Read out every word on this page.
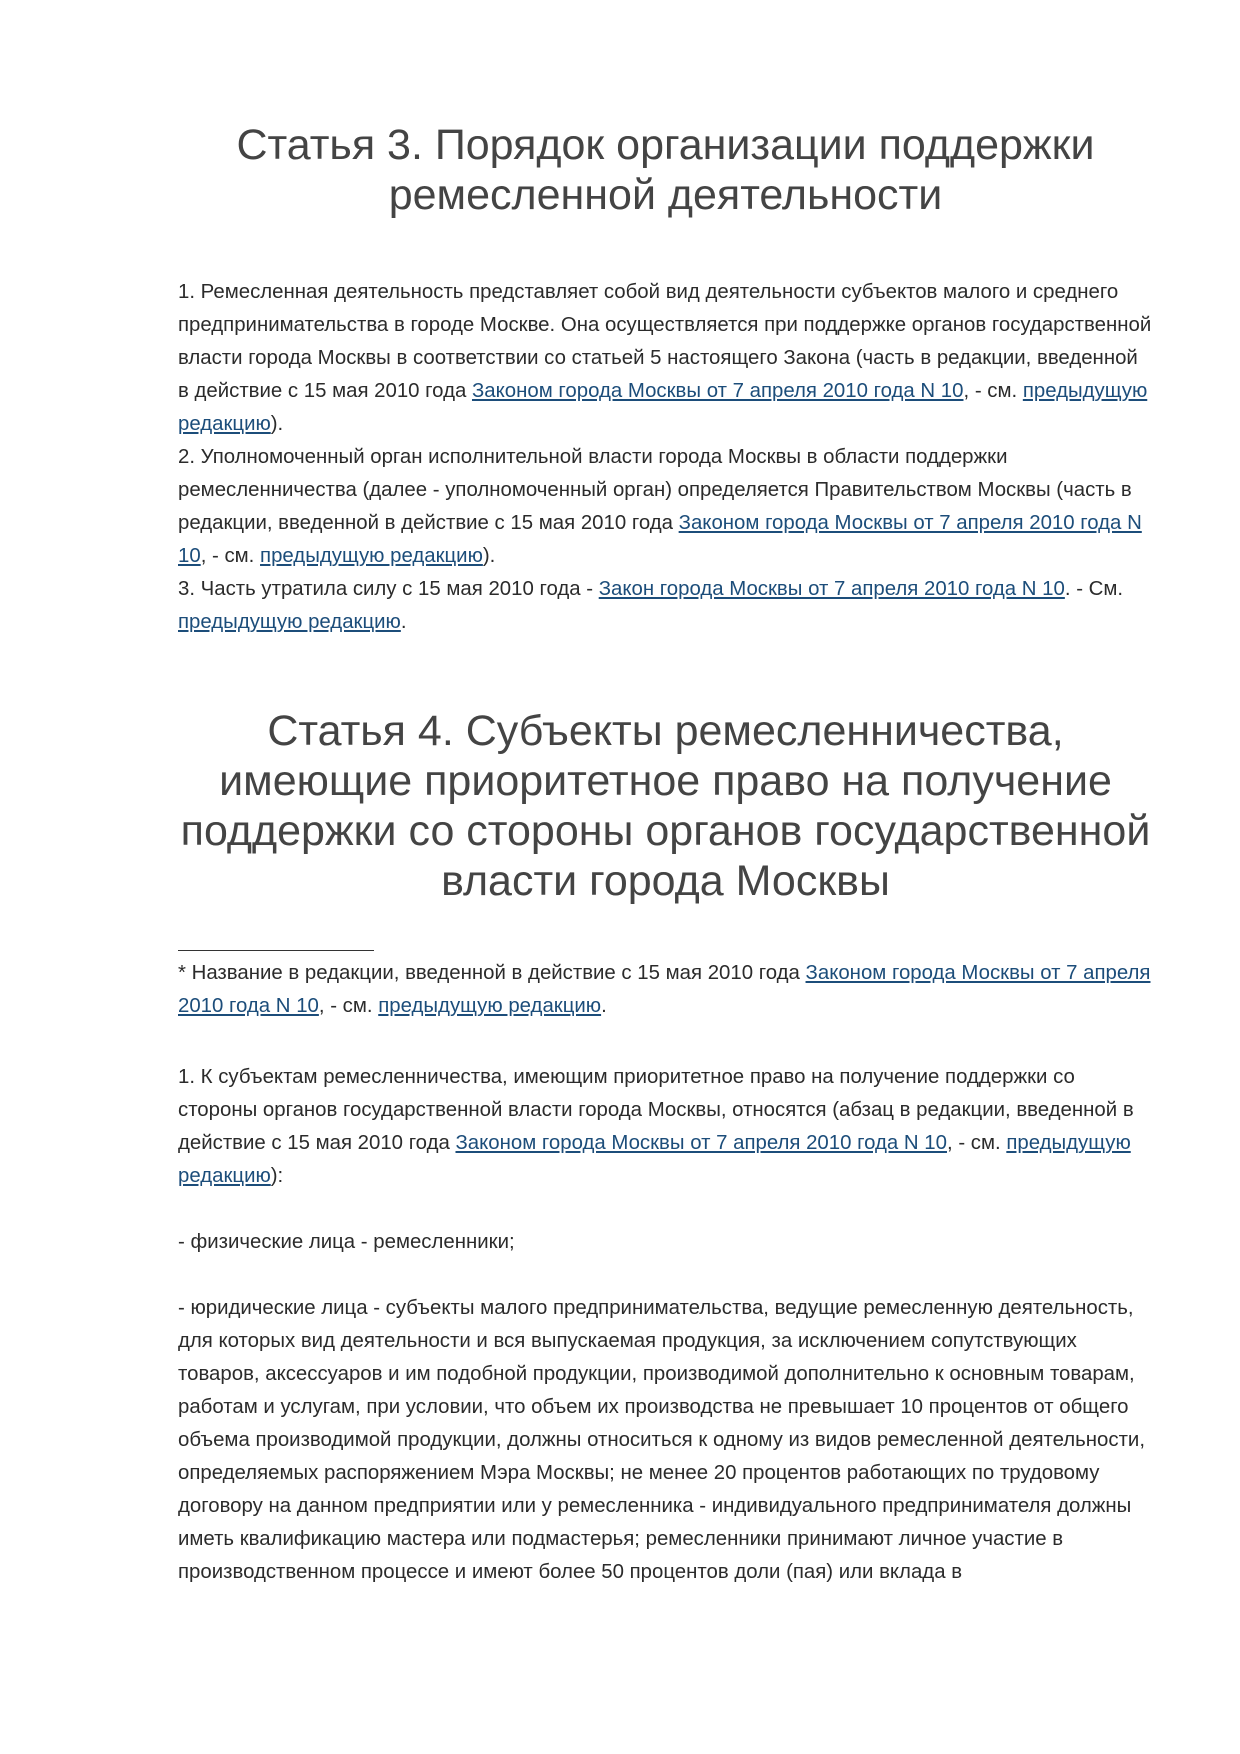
Статья 3. Порядок организации поддержки ремесленной деятельности

1. Ремесленная деятельность представляет собой вид деятельности субъектов малого и среднего предпринимательства в городе Москве. Она осуществляется при поддержке органов государственной власти города Москвы в соответствии со статьей 5 настоящего Закона (часть в редакции, введенной в действие с 15 мая 2010 года Законом города Москвы от 7 апреля 2010 года N 10, - см. предыдущую редакцию).

2. Уполномоченный орган исполнительной власти города Москвы в области поддержки ремесленничества (далее - уполномоченный орган) определяется Правительством Москвы (часть в редакции, введенной в действие с 15 мая 2010 года Законом города Москвы от 7 апреля 2010 года N 10, - см. предыдущую редакцию).

3. Часть утратила силу с 15 мая 2010 года - Закон города Москвы от 7 апреля 2010 года N 10. - См. предыдущую редакцию.

Статья 4. Субъекты ремесленничества, имеющие приоритетное право на получение поддержки со стороны органов государственной власти города Москвы

* Название в редакции, введенной в действие с 15 мая 2010 года Законом города Москвы от 7 апреля 2010 года N 10, - см. предыдущую редакцию.

1. К субъектам ремесленничества, имеющим приоритетное право на получение поддержки со стороны органов государственной власти города Москвы, относятся (абзац в редакции, введенной в действие с 15 мая 2010 года Законом города Москвы от 7 апреля 2010 года N 10, - см. предыдущую редакцию):

- физические лица - ремесленники;

- юридические лица - субъекты малого предпринимательства, ведущие ремесленную деятельность, для которых вид деятельности и вся выпускаемая продукция, за исключением сопутствующих товаров, аксессуаров и им подобной продукции, производимой дополнительно к основным товарам, работам и услугам, при условии, что объем их производства не превышает 10 процентов от общего объема производимой продукции, должны относиться к одному из видов ремесленной деятельности, определяемых распоряжением Мэра Москвы; не менее 20 процентов работающих по трудовому договору на данном предприятии или у ремесленника - индивидуального предпринимателя должны иметь квалификацию мастера или подмастерья; ремесленники принимают личное участие в производственном процессе и имеют более 50 процентов доли (пая) или вклада в
